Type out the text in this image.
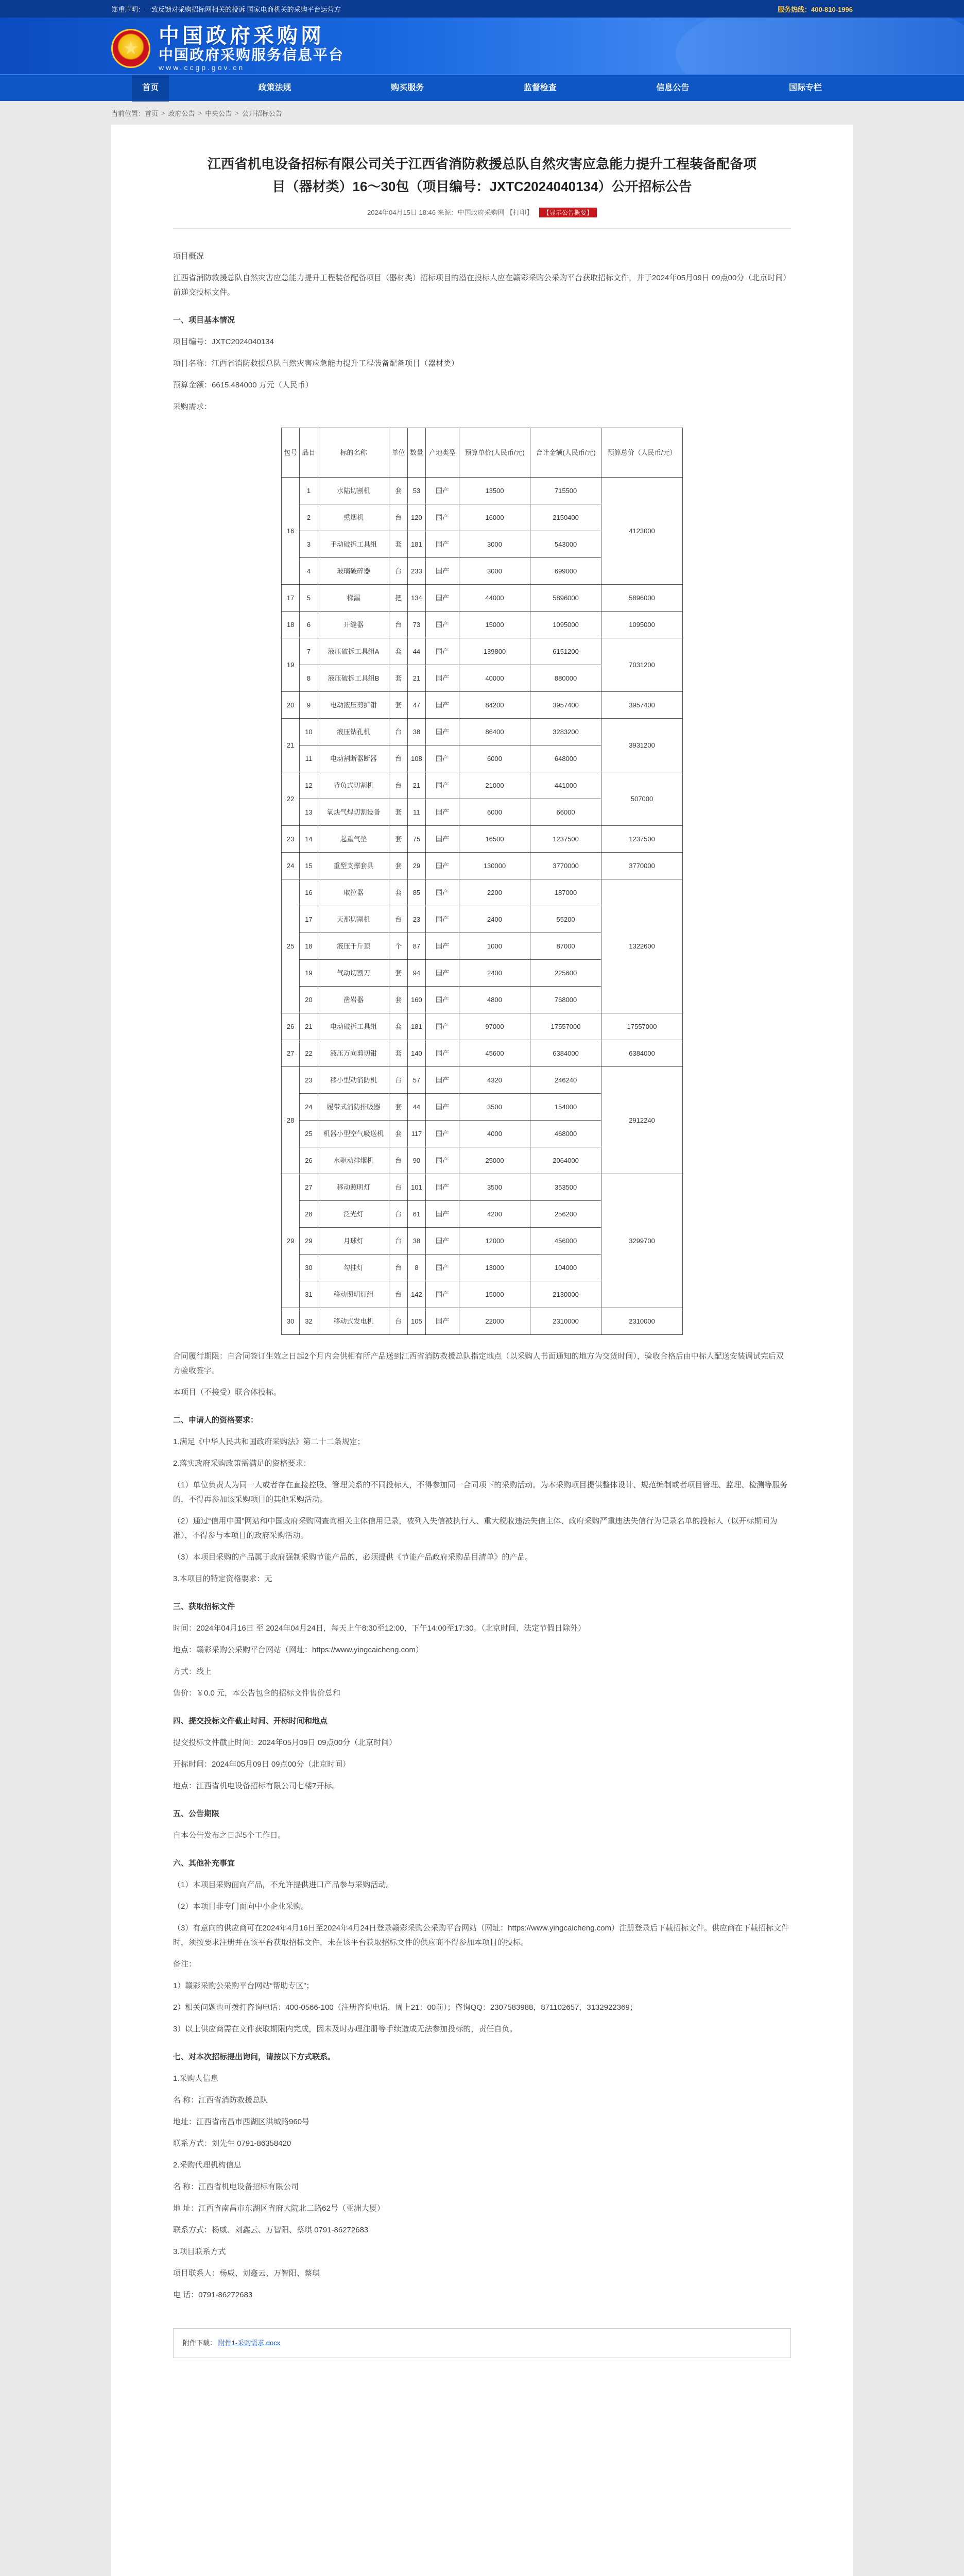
郑重声明：一致反馈对采购招标网相关的投诉 国家电商机关的采购平台运营方	服务热线：400-810-1996
★
中国政府采购网
中国政府采购服务信息平台
www.ccgp.gov.cn
首页	政策法规	购买服务	监督检查	信息公告	国际专栏
当前位置： 首页 > 政府公告 > 中央公告 > 公开招标公告
江西省机电设备招标有限公司关于江西省消防救援总队自然灾害应急能力提升工程装备配备项目（器材类）16～30包（项目编号：JXTC2024040134）公开招标公告
2024年04月15日 18:46 来源：中国政府采购网 【打印】 【显示公告概要】

项目概况

江西省消防救援总队自然灾害应急能力提升工程装备配备项目（器材类）招标项目的潜在投标人应在赣彩采购公采购平台获取招标文件，并于2024年05月09日 09点00分（北京时间）前递交投标文件。

一、项目基本情况

项目编号：JXTC2024040134

项目名称：江西省消防救援总队自然灾害应急能力提升工程装备配备项目（器材类）

预算金额：6615.484000 万元（人民币）

采购需求：

包号	品目	标的名称	单位	数量	产地类型	预算单价(人民币/元)	合计金额(人民币/元)	预算总价（人民币/元）
16	1	水陆切割机	套	53	国产	13500	715500	4123000
	2	熏烟机	台	120	国产	16000	2150400	
	3	手动破拆工具组	套	181	国产	3000	543000	
	4	玻璃破碎器	台	233	国产	3000	699000	
17	5	梯漏	把	134	国产	44000	5896000	5896000
18	6	开缝器	台	73	国产	15000	1095000	1095000
19	7	液压破拆工具组A	套	44	国产	139800	6151200	7031200
	8	液压破拆工具组B	套	21	国产	40000	880000	
20	9	电动液压剪扩钳	套	47	国产	84200	3957400	3957400
21	10	液压钻孔机	台	38	国产	86400	3283200	3931200
	11	电动割断器断器	台	108	国产	6000	648000	
22	12	背负式切割机	台	21	国产	21000	441000	507000
	13	氧炔气焊切割设备	套	11	国产	6000	66000	
23	14	起重气垫	套	75	国产	16500	1237500	1237500
24	15	重型支撑套具	套	29	国产	130000	3770000	3770000
25	16	取拉器	套	85	国产	2200	187000	1322600
	17	天那切割机	台	23	国产	2400	55200	
	18	液压千斤顶	个	87	国产	1000	87000	
	19	气动切割刀	套	94	国产	2400	225600	
	20	凿岩器	套	160	国产	4800	768000	
26	21	电动破拆工具组	套	181	国产	97000	17557000	17557000
27	22	液压万向剪切钳	套	140	国产	45600	6384000	6384000
28	23	移小型动消防机	台	57	国产	4320	246240	2912240
	24	履带式消防排吸器	套	44	国产	3500	154000	
	25	机器小型空气吸送机	套	117	国产	4000	468000	
	26	水驱动排烟机	台	90	国产	25000	2064000	
29	27	移动照明灯	台	101	国产	3500	353500	3299700
	28	泛光灯	台	61	国产	4200	256200	
	29	月球灯	台	38	国产	12000	456000	
	30	勾挂灯	台	8	国产	13000	104000	
	31	移动照明灯组	台	142	国产	15000	2130000	
30	32	移动式发电机	台	105	国产	22000	2310000	2310000

合同履行期限：自合同签订生效之日起2个月内会供相有所产品送到江西省消防救援总队指定地点（以采购人书面通知的地方为交货时间），验收合格后由中标人配送安装调试完后双方验收签字。

本项目（不接受）联合体投标。

二、申请人的资格要求：

1.满足《中华人民共和国政府采购法》第二十二条规定；

2.落实政府采购政策需满足的资格要求：

（1）单位负责人为同一人或者存在直接控股、管理关系的不同投标人，不得参加同一合同项下的采购活动。为本采购项目提供整体设计、规范编制或者项目管理、监理、检测等服务的，不得再参加该采购项目的其他采购活动。

（2）通过“信用中国”网站和中国政府采购网查询相关主体信用记录，被列入失信被执行人、重大税收违法失信主体、政府采购严重违法失信行为记录名单的投标人（以开标期间为准），不得参与本项目的政府采购活动。

（3）本项目采购的产品属于政府强制采购节能产品的，必须提供《节能产品政府采购品目清单》的产品。

3.本项目的特定资格要求：无

三、获取招标文件

时间：2024年04月16日 至 2024年04月24日，每天上午8:30至12:00，下午14:00至17:30。（北京时间，法定节假日除外）

地点：赣彩采购公采购平台网站（网址：https://www.yingcaicheng.com）

方式：线上

售价：￥0.0 元，本公告包含的招标文件售价总和

四、提交投标文件截止时间、开标时间和地点

提交投标文件截止时间：2024年05月09日 09点00分（北京时间）

开标时间：2024年05月09日 09点00分（北京时间）

地点：江西省机电设备招标有限公司七楼7开标。

五、公告期限

自本公告发布之日起5个工作日。

六、其他补充事宜

（1）本项目采购面向产品，不允许提供进口产品参与采购活动。

（2）本项目非专门面向中小企业采购。

（3）有意向的供应商可在2024年4月16日至2024年4月24日登录赣彩采购公采购平台网站（网址：https://www.yingcaicheng.com）注册登录后下载招标文件。供应商在下载招标文件时，须按要求注册并在该平台获取招标文件，未在该平台获取招标文件的供应商不得参加本项目的投标。

备注：

1）赣彩采购公采购平台网站“帮助专区”；

2）相关问题也可拨打咨询电话：400-0566-100（注册咨询电话，周上21：00前）；咨询QQ：2307583988，871102657，3132922369；

3）以上供应商需在文件获取期限内完成，因未及时办理注册等手续造成无法参加投标的，责任自负。

七、对本次招标提出询问，请按以下方式联系。

1.采购人信息

名 称：江西省消防救援总队

地址：江西省南昌市西湖区洪城路960号

联系方式：刘先生 0791-86358420

2.采购代理机构信息

名 称：江西省机电设备招标有限公司

地 址：江西省南昌市东湖区省府大院北二路62号（亚洲大厦）

联系方式：杨威、刘鑫云、万智阳、蔡琪 0791-86272683

3.项目联系方式

项目联系人：杨威、刘鑫云、万智阳、蔡琪

电 话：0791-86272683

附件下载： 附件1-采购需求.docx
